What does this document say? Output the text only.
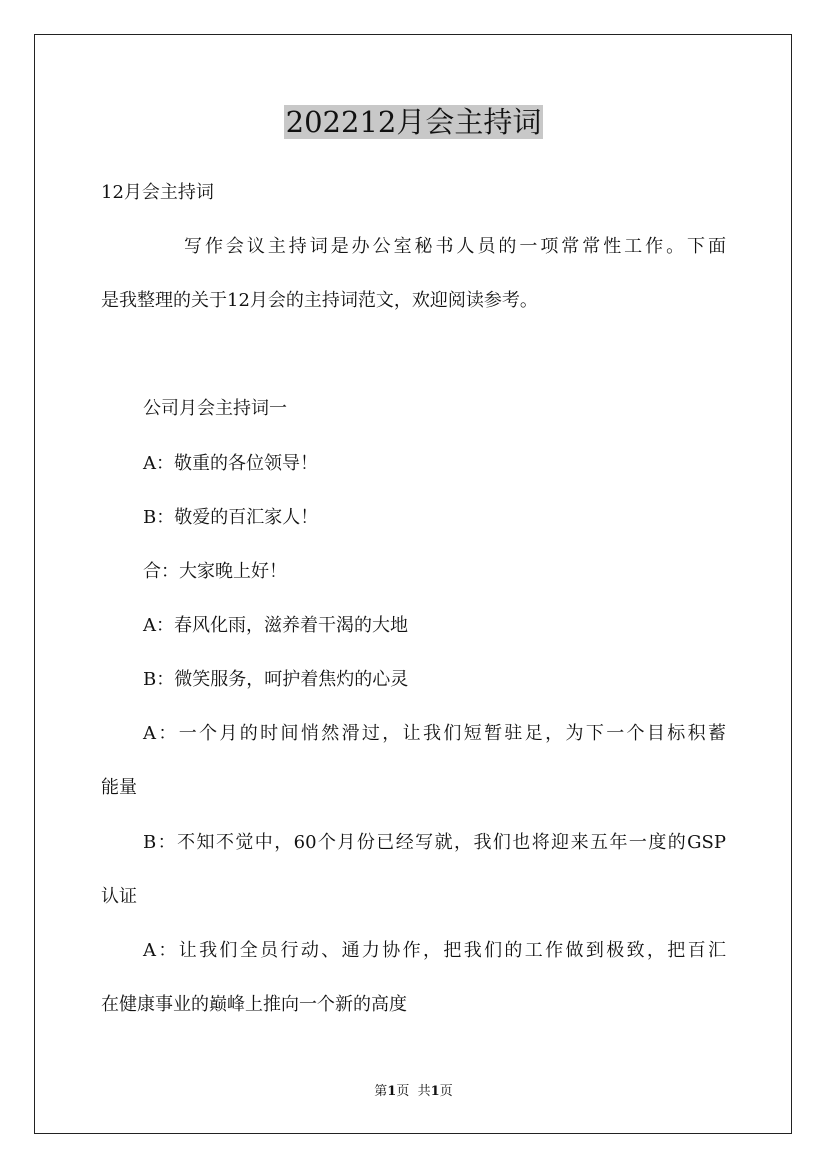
202212月会主持词

12月会主持词

写作会议主持词是办公室秘书人员的一项常常性工作。下面

是我整理的关于12月会的主持词范文，欢迎阅读参考。

公司月会主持词一

A：敬重的各位领导！

B：敬爱的百汇家人！

合：大家晚上好！

A：春风化雨，滋养着干渴的大地

B：微笑服务，呵护着焦灼的心灵

A：一个月的时间悄然滑过，让我们短暂驻足，为下一个目标积蓄

能量

B：不知不觉中，60个月份已经写就，我们也将迎来五年一度的GSP

认证

A：让我们全员行动、通力协作，把我们的工作做到极致，把百汇

在健康事业的巅峰上推向一个新的高度

第1页 共1页
